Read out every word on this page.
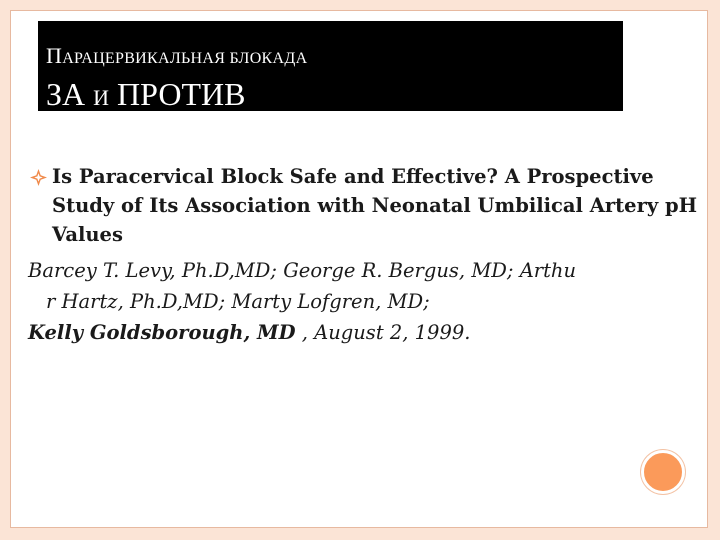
ПАРАЦЕРВИКАЛЬНАЯ БЛОКАДА
ЗА И ПРОТИВ
Is Paracervical Block Safe and Effective? A Prospective Study of Its Association with Neonatal Umbilical Artery pH Values

Barcey T. Levy, Ph.D,MD; George R. Bergus, MD; Arthu

r Hartz, Ph.D,MD; Marty Lofgren, MD;

Kelly Goldsborough, MD , August 2, 1999.
